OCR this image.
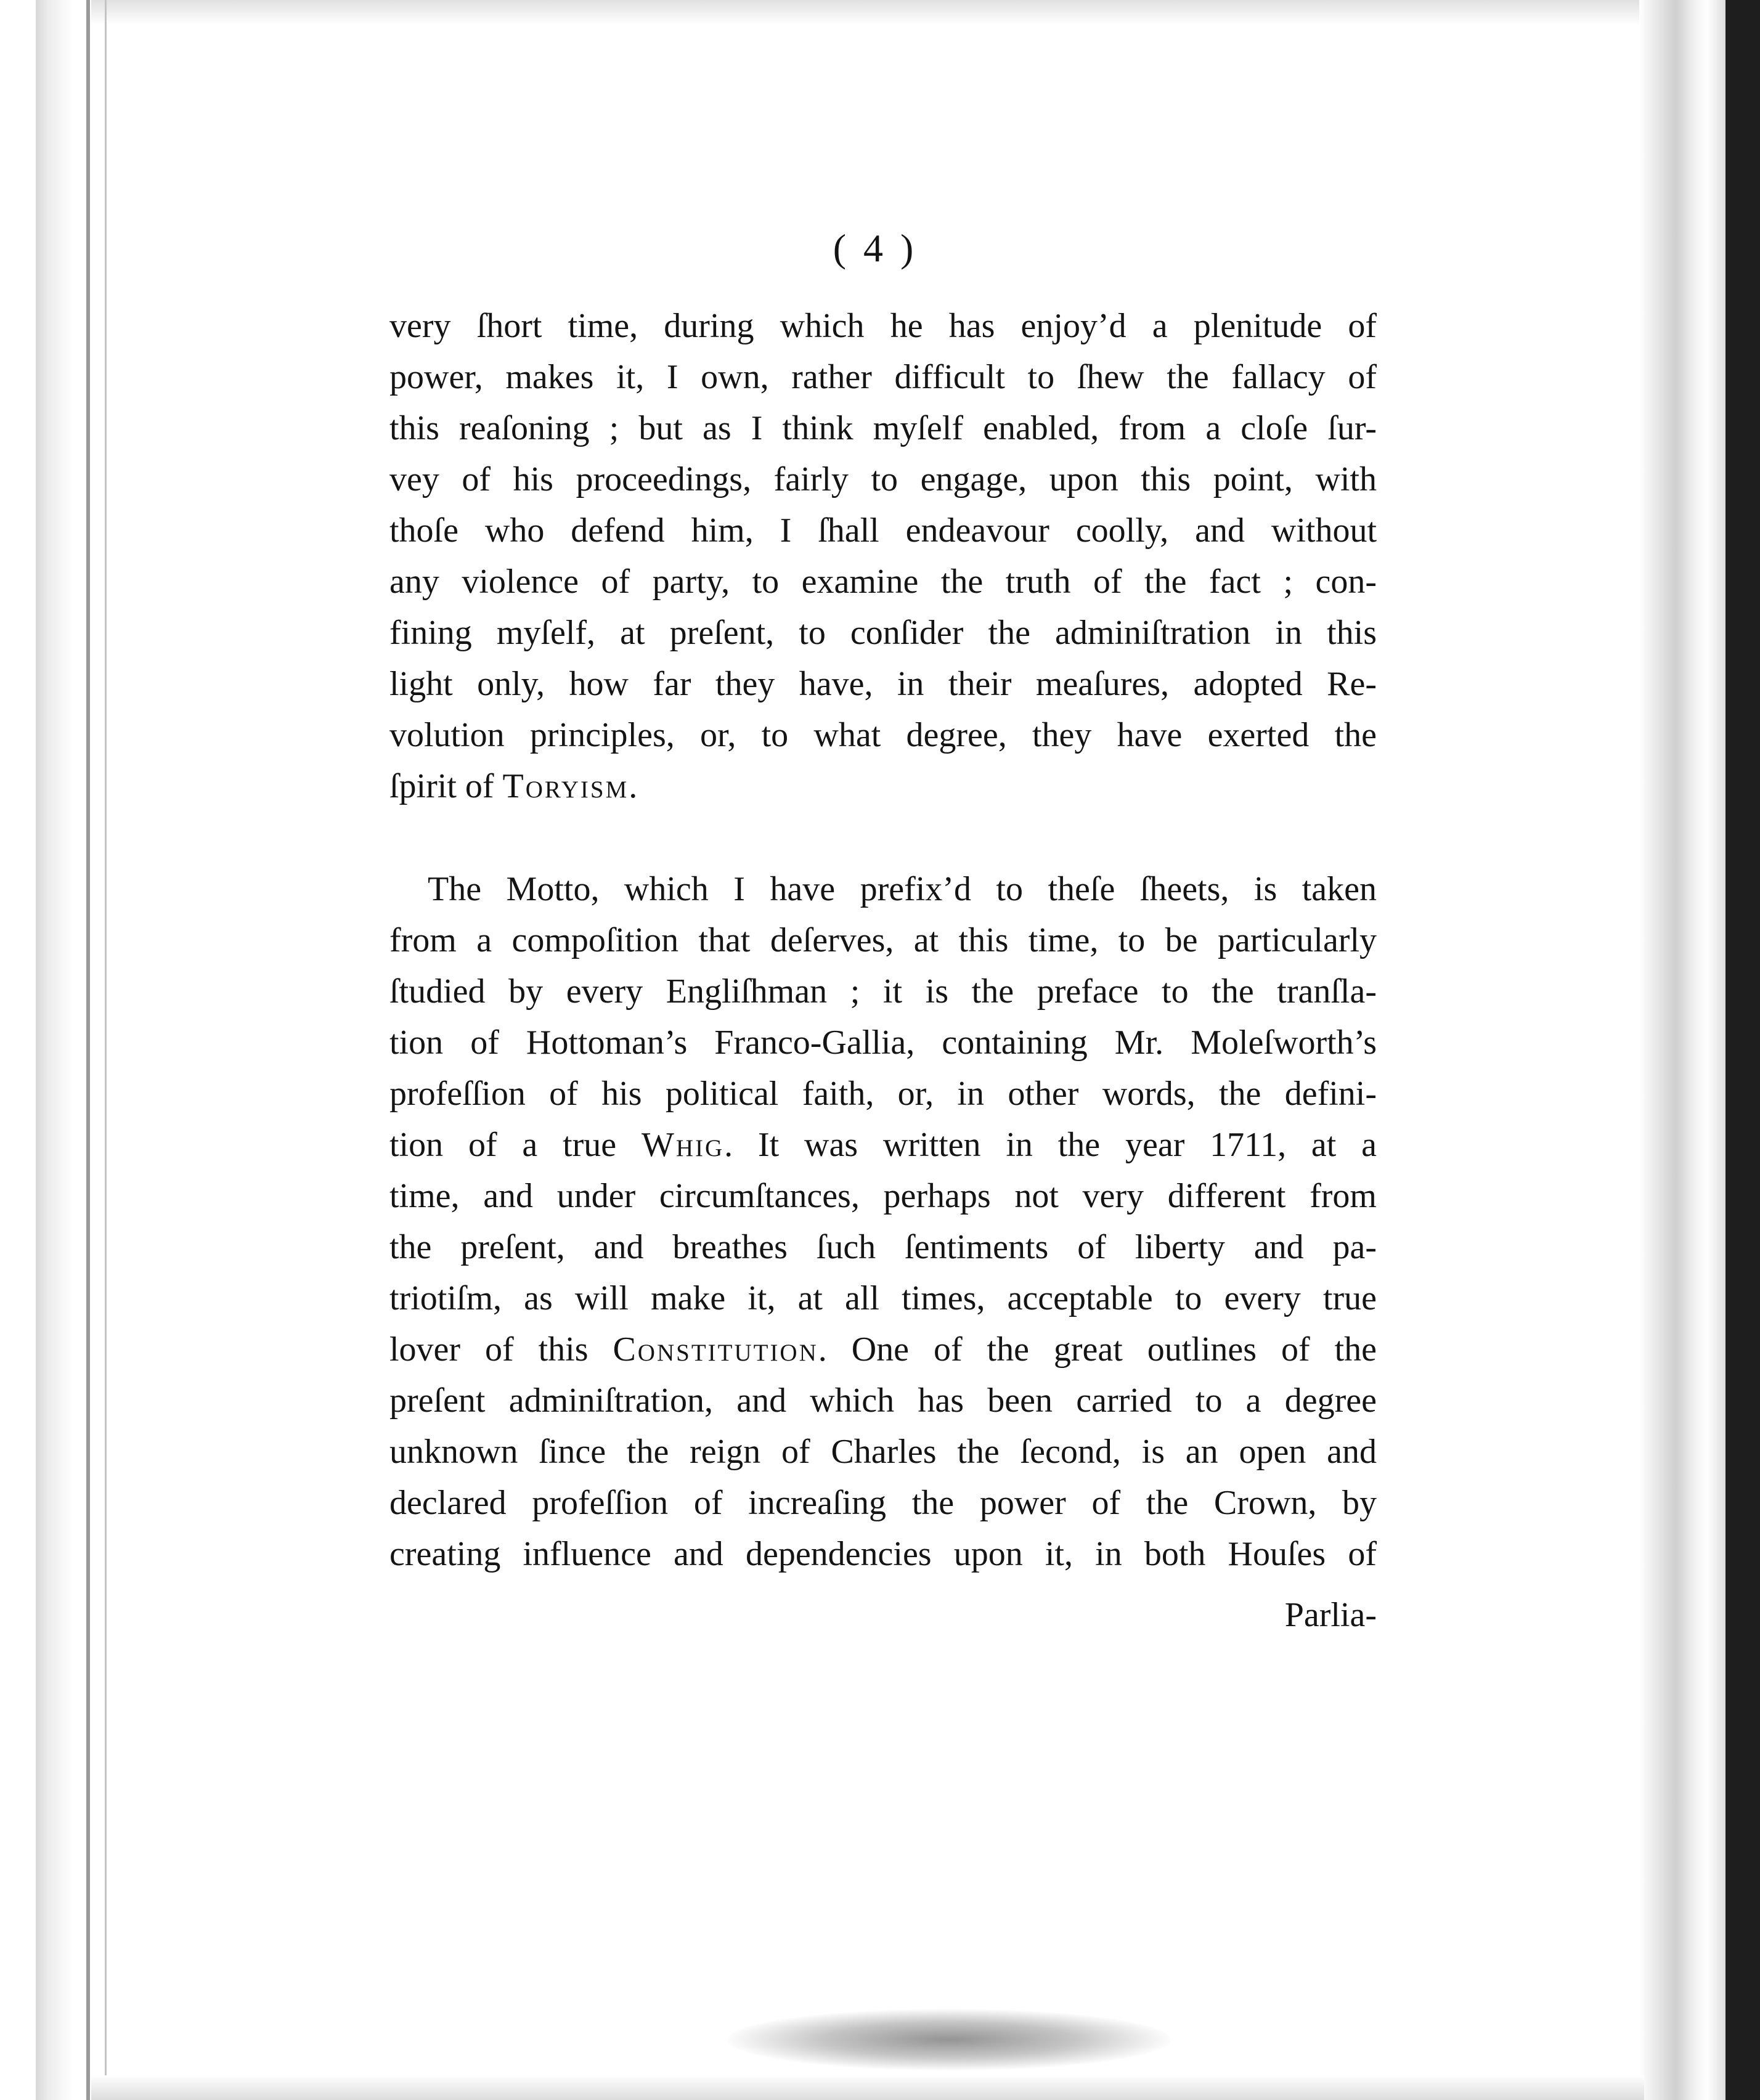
( 4 )
very ſhort time, during which he has enjoy’d a plenitude of
power, makes it, I own, rather difficult to ſhew the fallacy of
this reaſoning ; but as I think myſelf enabled, from a cloſe ſur-
vey of his proceedings, fairly to engage, upon this point, with
thoſe who defend him, I ſhall endeavour coolly, and without
any violence of party, to examine the truth of the fact ; con-
fining myſelf, at preſent, to conſider the adminiſtration in this
light only, how far they have, in their meaſures, adopted Re-
volution principles, or, to what degree, they have exerted the
ſpirit of Toryism.
The Motto, which I have prefix’d to theſe ſheets, is taken
from a compoſition that deſerves, at this time, to be particularly
ſtudied by every Engliſhman ; it is the preface to the tranſla-
tion of Hottoman’s Franco-Gallia, containing Mr. Moleſworth’s
profeſſion of his political faith, or, in other words, the defini-
tion of a true Whig. It was written in the year 1711, at a
time, and under circumſtances, perhaps not very different from
the preſent, and breathes ſuch ſentiments of liberty and pa-
triotiſm, as will make it, at all times, acceptable to every true
lover of this Constitution. One of the great outlines of the
preſent adminiſtration, and which has been carried to a degree
unknown ſince the reign of Charles the ſecond, is an open and
declared profeſſion of increaſing the power of the Crown, by
creating influence and dependencies upon it, in both Houſes of
Parlia-
